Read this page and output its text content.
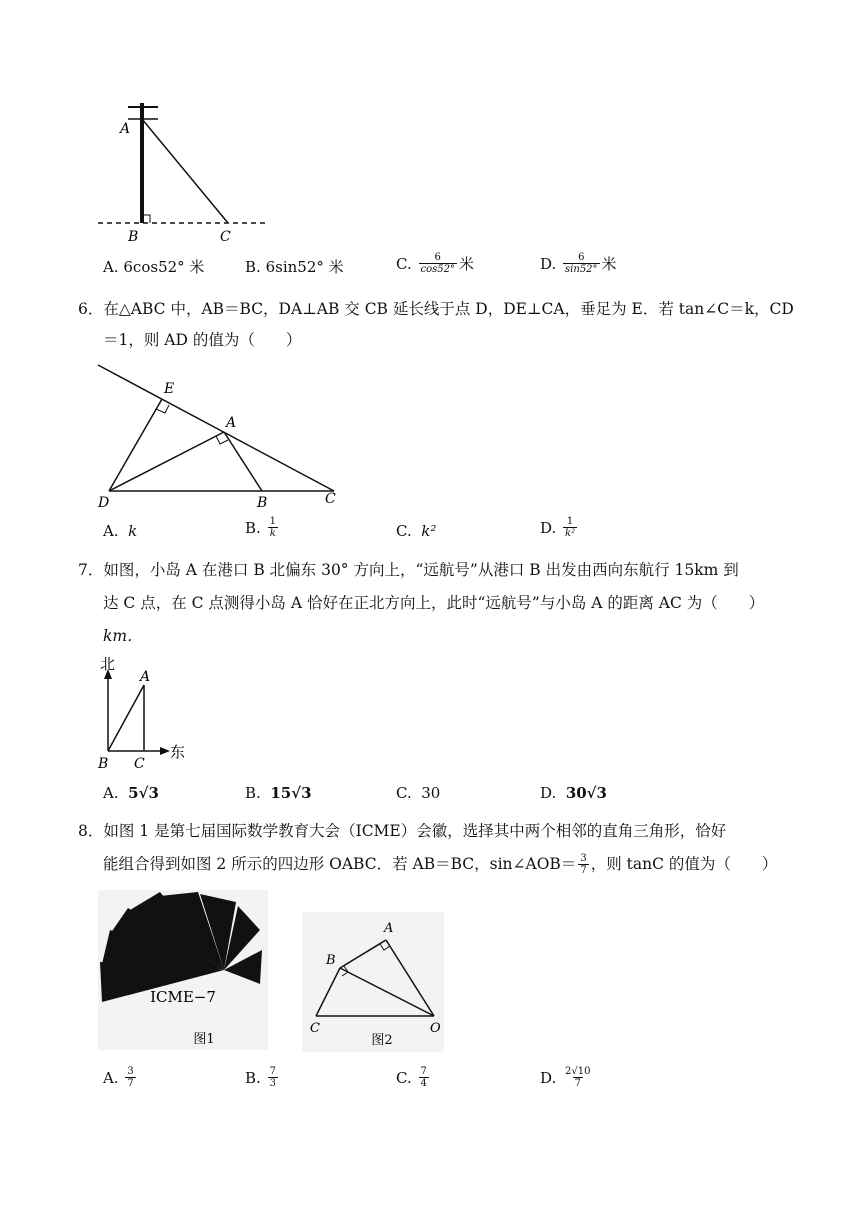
A
B	C
A.
6cos52° 米	B.
6sin52° 米	C.
$\frac{6}{\cos 52^\circ}$ 米	D.
$\frac{6}{\sin 52^\circ}$ 米
6．在△ABC 中，AB＝BC，DA⊥AB 交 CB 延长线于点 D，DE⊥CA，垂足为 E．若 tan∠C＝k，CD
＝1，则 AD 的值为（　　）
E
A
D	B	C
A.
k	B.
$\frac{1}{k}$	C.
k²	D.
$\frac{1}{\text{k²}}$
7．如图，小岛 A 在港口 B 北偏东 30° 方向上，“远航号”从港口 B 出发由西向东航行 15km 到
达 C 点，在 C 点测得小岛 A 恰好在正北方向上，此时“远航号”与小岛 A 的距离 AC 为（　　）
km．
北
东
A
B C
A.
5√3	B.
15√3	C.
30	D.
30√3
8．如图 1 是第七届国际数学教育大会（ICME）会徽，选择其中两个相邻的直角三角形，恰好
能组合得到如图 2 所示的四边形 OABC．若 AB＝BC，sin∠AOB＝ $\frac{3}{7}$ ，则 tanC 的值为（　　）
ICME−7
图1
A
B
C	O
图2
A.
$\frac{3}{7}$	B.
$\frac{7}{3}$	C.
$\frac{7}{4}$	D.
$\frac{2√10}{7}$
